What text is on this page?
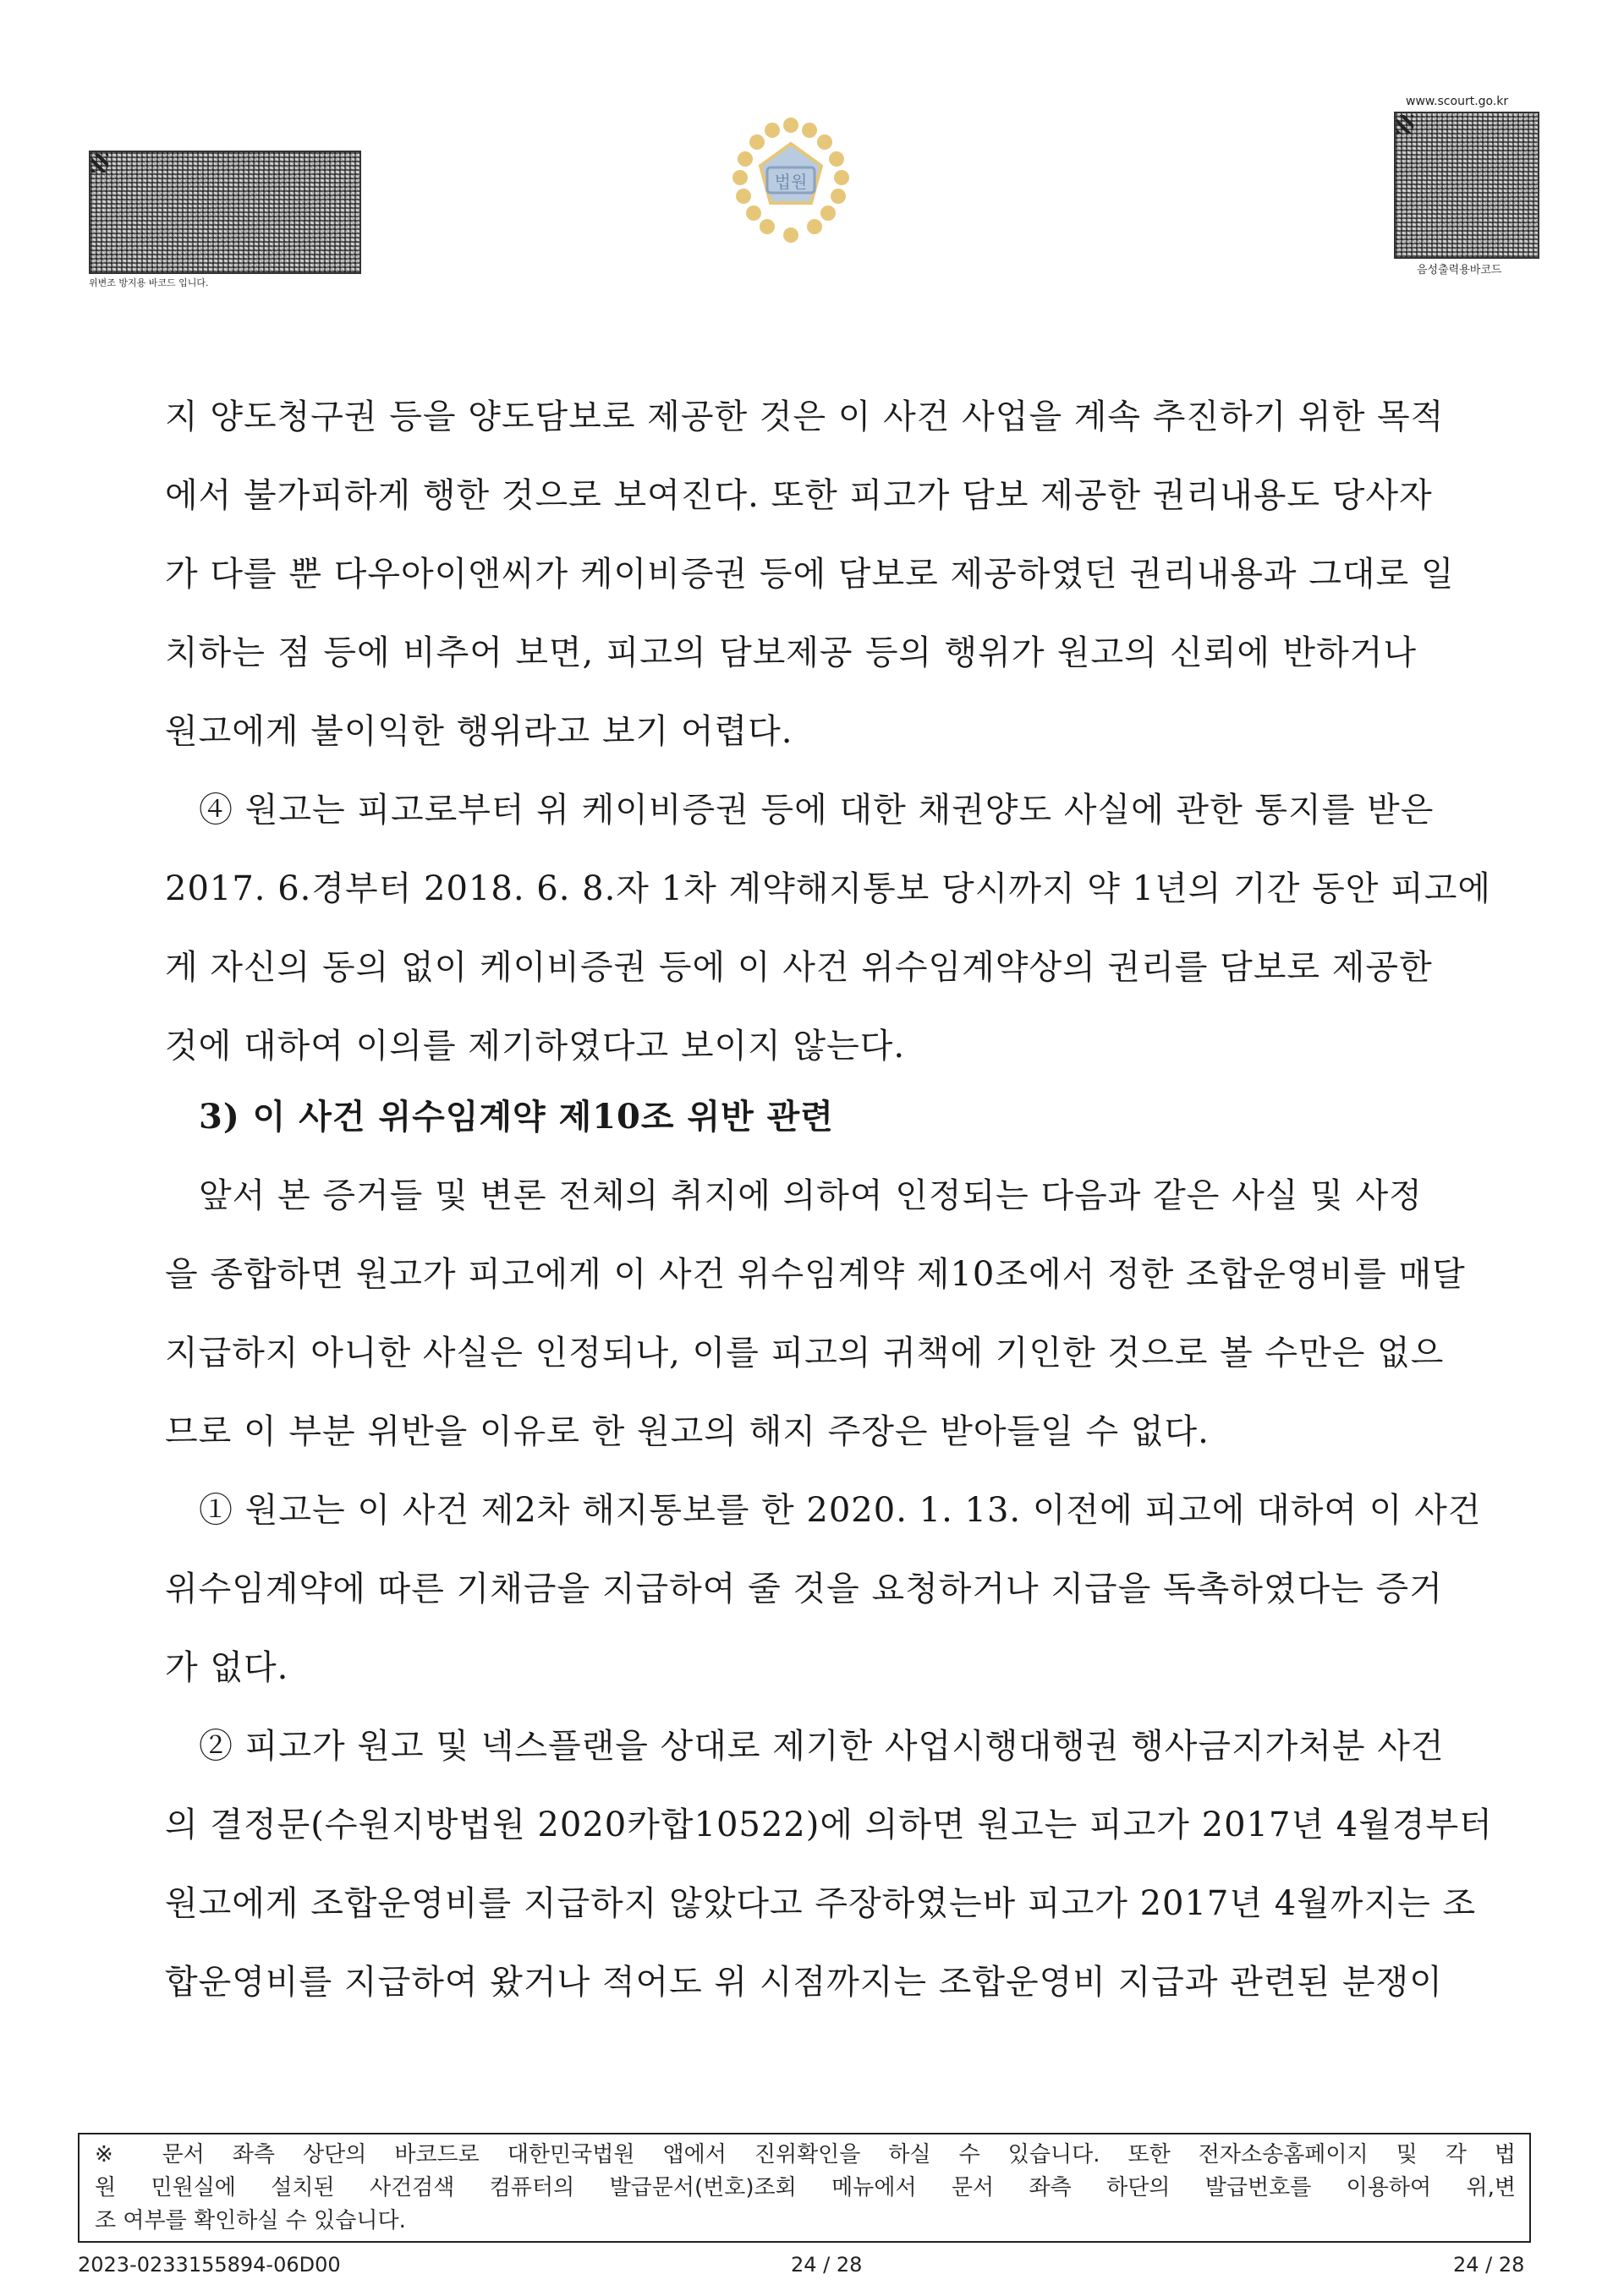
위변조 방지용 바코드 입니다.
법원
www.scourt.go.kr
음성출력용바코드
지 양도청구권 등을 양도담보로 제공한 것은 이 사건 사업을 계속 추진하기 위한 목적
에서 불가피하게 행한 것으로 보여진다. 또한 피고가 담보 제공한 권리내용도 당사자
가 다를 뿐 다우아이앤씨가 케이비증권 등에 담보로 제공하였던 권리내용과 그대로 일
치하는 점 등에 비추어 보면, 피고의 담보제공 등의 행위가 원고의 신뢰에 반하거나
원고에게 불이익한 행위라고 보기 어렵다.
④ 원고는 피고로부터 위 케이비증권 등에 대한 채권양도 사실에 관한 통지를 받은
2017. 6.경부터 2018. 6. 8.자 1차 계약해지통보 당시까지 약 1년의 기간 동안 피고에
게 자신의 동의 없이 케이비증권 등에 이 사건 위수임계약상의 권리를 담보로 제공한
것에 대하여 이의를 제기하였다고 보이지 않는다.
3) 이 사건 위수임계약 제10조 위반 관련
앞서 본 증거들 및 변론 전체의 취지에 의하여 인정되는 다음과 같은 사실 및 사정
을 종합하면 원고가 피고에게 이 사건 위수임계약 제10조에서 정한 조합운영비를 매달
지급하지 아니한 사실은 인정되나, 이를 피고의 귀책에 기인한 것으로 볼 수만은 없으
므로 이 부분 위반을 이유로 한 원고의 해지 주장은 받아들일 수 없다.
① 원고는 이 사건 제2차 해지통보를 한 2020. 1. 13. 이전에 피고에 대하여 이 사건
위수임계약에 따른 기채금을 지급하여 줄 것을 요청하거나 지급을 독촉하였다는 증거
가 없다.
② 피고가 원고 및 넥스플랜을 상대로 제기한 사업시행대행권 행사금지가처분 사건
의 결정문(수원지방법원 2020카합10522)에 의하면 원고는 피고가 2017년 4월경부터
원고에게 조합운영비를 지급하지 않았다고 주장하였는바 피고가 2017년 4월까지는 조
합운영비를 지급하여 왔거나 적어도 위 시점까지는 조합운영비 지급과 관련된 분쟁이
※ 문서 좌측 상단의 바코드로 대한민국법원 앱에서 진위확인을 하실 수 있습니다. 또한 전자소송홈페이지 및 각 법
원 민원실에 설치된 사건검색 컴퓨터의 발급문서(번호)조회 메뉴에서 문서 좌측 하단의 발급번호를 이용하여 위,변
조 여부를 확인하실 수 있습니다.
2023-0233155894-06D00	24 / 28	24 / 28
